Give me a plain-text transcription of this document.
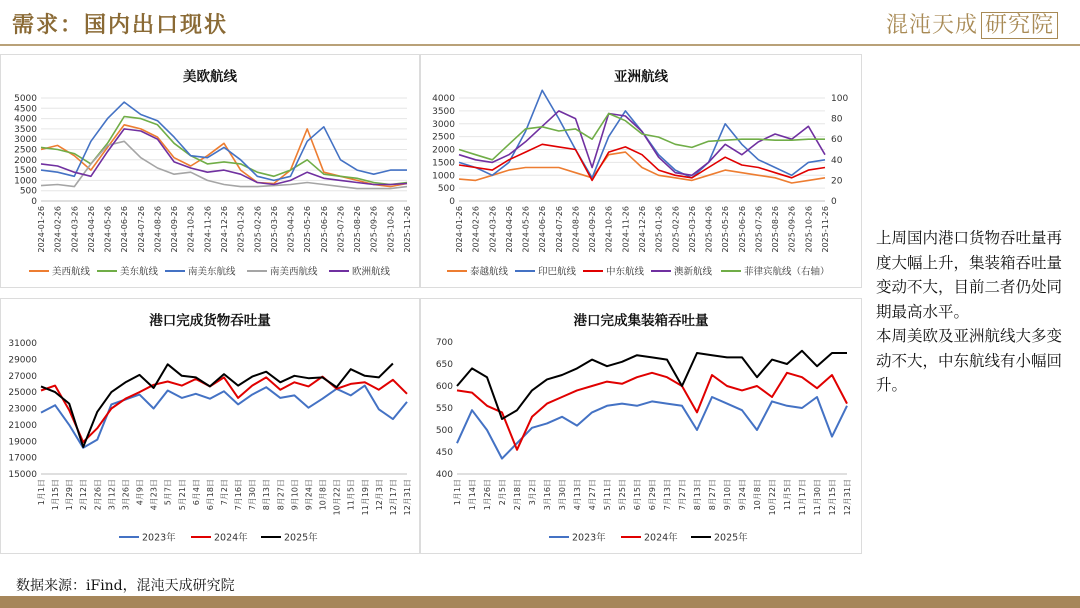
需求：国内出口现状	混沌天成 研究院
美欧航线
0
500
1000
1500
2000
2500
3000
3500
4000
4500
5000
2024-01-26 2024-02-26 2024-03-26 2024-04-26 2024-05-26 2024-06-26 2024-07-26 2024-08-26 2024-09-26 2024-10-26 2024-11-26 2024-12-26 2025-01-26 2025-02-26 2025-03-26 2025-04-26 2025-05-26 2025-06-26 2025-07-26 2025-08-26 2025-09-26 2025-10-26 2025-11-26
美西航线	美东航线	南美东航线	南美西航线	欧洲航线
亚洲航线
0
500
1000
1500
2000
2500
3000
3500
4000
0
20
40
60
80
100
2024-01-26 2024-02-26 2024-03-26 2024-04-26 2024-05-26 2024-06-26 2024-07-26 2024-08-26 2024-09-26 2024-10-26 2024-11-26 2024-12-26 2025-01-26 2025-02-26 2025-03-26 2025-04-26 2025-05-26 2025-06-26 2025-07-26 2025-08-26 2025-09-26 2025-10-26 2025-11-26
泰越航线	印巴航线	中东航线	澳新航线	菲律宾航线（右轴）
港口完成货物吞吐量
15000
17000
19000
21000
23000
25000
27000
29000
31000
1月1日 1月15日 1月29日 2月12日 2月26日 3月12日 3月26日 4月9日 4月23日 5月7日 5月21日 6月4日 6月18日 7月2日 7月16日 7月30日 8月13日 8月27日 9月10日 9月24日 10月8日 10月22日 11月5日 11月19日 12月3日 12月17日 12月31日
2023年	2024年	2025年
港口完成集装箱吞吐量
400
450
500
550
600
650
700
1月1日 1月14日 1月26日 2月5日 2月18日 3月2日 3月16日 3月30日 4月13日 4月27日 5月11日 5月25日 6月15日 6月29日 7月13日 7月27日 8月13日 8月27日 9月10日 9月24日 10月8日 10月22日 11月5日 11月17日 11月30日 12月15日 12月31日
2023年	2024年	2025年
上周国内港口货物吞吐量再度大幅上升，集装箱吞吐量变动不大，目前二者仍处同期最高水平。
本周美欧及亚洲航线大多变动不大，中东航线有小幅回升。
数据来源：iFind，混沌天成研究院
